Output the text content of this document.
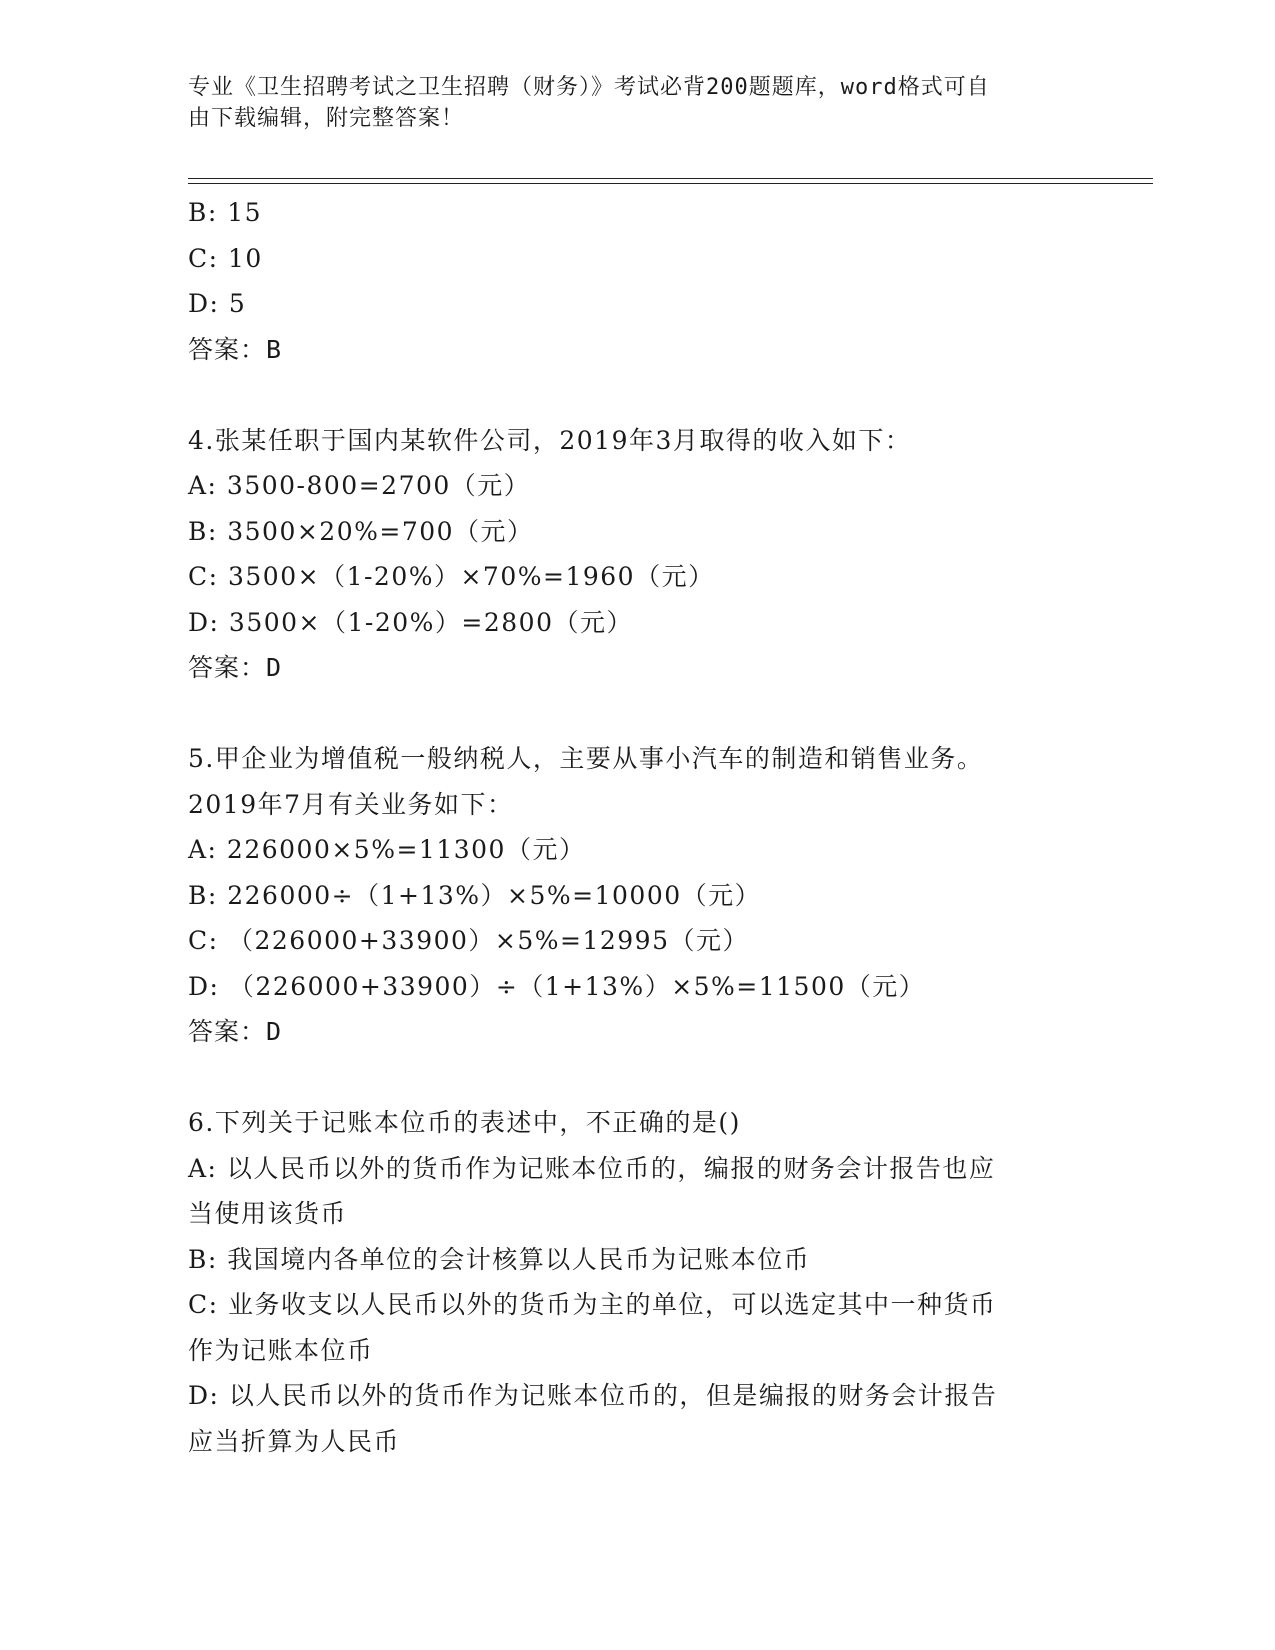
专业《卫生招聘考试之卫生招聘（财务）》考试必背200题题库，word格式可自
由下载编辑，附完整答案！
B: 15
C: 10
D: 5
答案：B
4.张某任职于国内某软件公司，2019年3月取得的收入如下：
A: 3500-800=2700（元）
B: 3500×20%=700（元）
C: 3500×（1-20%）×70%=1960（元）
D: 3500×（1-20%）=2800（元）
答案：D
5.甲企业为增值税一般纳税人，主要从事小汽车的制造和销售业务。
2019年7月有关业务如下：
A: 226000×5%=11300（元）
B: 226000÷（1+13%）×5%=10000（元）
C: （226000+33900）×5%=12995（元）
D: （226000+33900）÷（1+13%）×5%=11500（元）
答案：D
6.下列关于记账本位币的表述中，不正确的是()
A: 以人民币以外的货币作为记账本位币的，编报的财务会计报告也应
当使用该货币
B: 我国境内各单位的会计核算以人民币为记账本位币
C: 业务收支以人民币以外的货币为主的单位，可以选定其中一种货币
作为记账本位币
D: 以人民币以外的货币作为记账本位币的，但是编报的财务会计报告
应当折算为人民币
